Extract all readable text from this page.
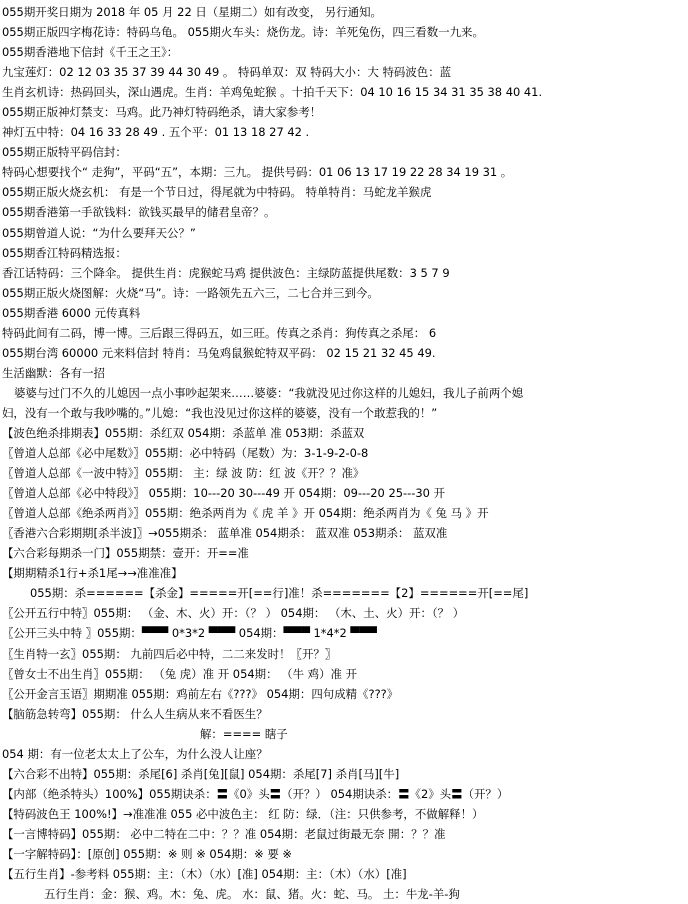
055期开奖日期为 2018 年 05 月 22 日（星期二）如有改变， 另行通知。
055期正版四字梅花诗：特码乌龟。 055期火车头：烧伤龙。诗：羊死兔伤，四三看数一九来。
055期香港地下信封《千王之王》：
九宝莲灯：02 12 03 35 37 39 44 30 49 。 特码单双：双 特码大小：大 特码波色：蓝
生肖玄机诗：热码回头，深山遇虎。生肖：羊鸡兔蛇猴 。十拍千天下：04 10 16 15 34 31 35 38 40 41.
055期正版神灯禁支：马鸡。此乃神灯特码绝杀，请大家参考！
神灯五中特：04 16 33 28 49 . 五个平：01 13 18 27 42 .
055期正版特平码信封：
特码心想要找个“ 走狗”，平码“五”，本期：三九。 提供号码：01 06 13 17 19 22 28 34 19 31 。
055期正版火烧玄机： 有是一个节日过，得尾就为中特码。 特单特肖：马蛇龙羊猴虎
055期香港第一手欲钱料：欲钱买最早的储君皇帝？。
055期曾道人说：“为什么要拜天公？”
055期香江特码精选报：
香江话特码：三个降伞。 提供生肖：虎猴蛇马鸡 提供波色：主绿防蓝提供尾数：3 5 7 9
055期正版火烧图解：火烧“马”。诗：一路领先五六三，二七合并三到今。
055期香港 6000 元传真料
特码此间有二码，博一博。三后跟三得码五，如三旺。传真之杀肖：狗传真之杀尾： 6
055期台湾 60000 元来料信封 特肖：马兔鸡鼠猴蛇特双平码： 02 15 21 32 45 49.
生活幽默：各有一招
婆婆与过门不久的儿媳因一点小事吵起架来……婆婆：“我就没见过你这样的儿媳妇，我儿子前两个媳
妇，没有一个敢与我吵嘴的。”儿媳：“我也没见过你这样的婆婆，没有一个敢惹我的！”
【波色绝杀排期表】055期：杀红双 054期：杀蓝单 准 053期：杀蓝双
〖曾道人总部《必中尾数》〗055期：必中特码（尾数）为：3-1-9-2-0-8
〖曾道人总部《一波中特》〗055期： 主：绿 波 防：红 波《开？？准》
〖曾道人总部《必中特段》〗 055期：10---20 30---49 开 054期：09---20 25---30 开
〖曾道人总部《绝杀两肖》〗055期：绝杀两肖为《 虎 羊 》开 054期：绝杀两肖为《 兔 马 》开
〖香港六合彩期期[杀半波]〗→055期杀： 蓝单准 054期杀： 蓝双准 053期杀： 蓝双准
【六合彩每期杀一门】055期禁：壹开：开==准
【期期精杀1行+杀1尾→→准准准】
055期：杀======【杀金】=====开[==行]准！杀=======【2】======开[==尾]
〖公开五行中特〗055期： （金、木、火）开：（？ ） 054期： （木、土、火）开：（？ ）
〖公开三头中特 〗055期：▀▀▀ 0*3*2 ▀▀▀ 054期：▀▀▀ 1*4*2 ▀▀▀
〖生肖特一玄〗055期： 九前四后必中特，二二来发时！〖开？〗
〖曾女士不出生肖〗055期： （兔 虎）准 开 054期： （牛 鸡）准 开
〖公开金言玉语〗期期准 055期：鸡前左右《???》 054期：四句成精《???》
【脑筋急转弯】055期： 什么人生病从来不看医生？
解：==== 瞎子
054 期：有一位老太太上了公车，为什么没人让座？
【六合彩不出特】055期：杀尾[6] 杀肖[兔][鼠] 054期：杀尾[7] 杀肖[马][牛]
【内部（绝杀特头）100%】055期诀杀：〓《0》头〓（开？） 054期诀杀：〓《2》头〓（开？）
【特码波色王 100%!】→准准准 055 必中波色主： 红 防：绿．（注：只供参考，不做解释！）
【一言博特码】055期： 必中二特在二中：？？准 054期：老鼠过街最无奈 開：？？准
【一字解特码】：[原创] 055期：※ 则 ※ 054期：※ 要 ※
【五行生肖】-参考料 055期：主：（木）（水）[准] 054期：主：（木）（水）[准]
五行生肖：金：猴、鸡。木：兔、虎。 水：鼠、猪。火：蛇、马。 土：牛龙-羊-狗
